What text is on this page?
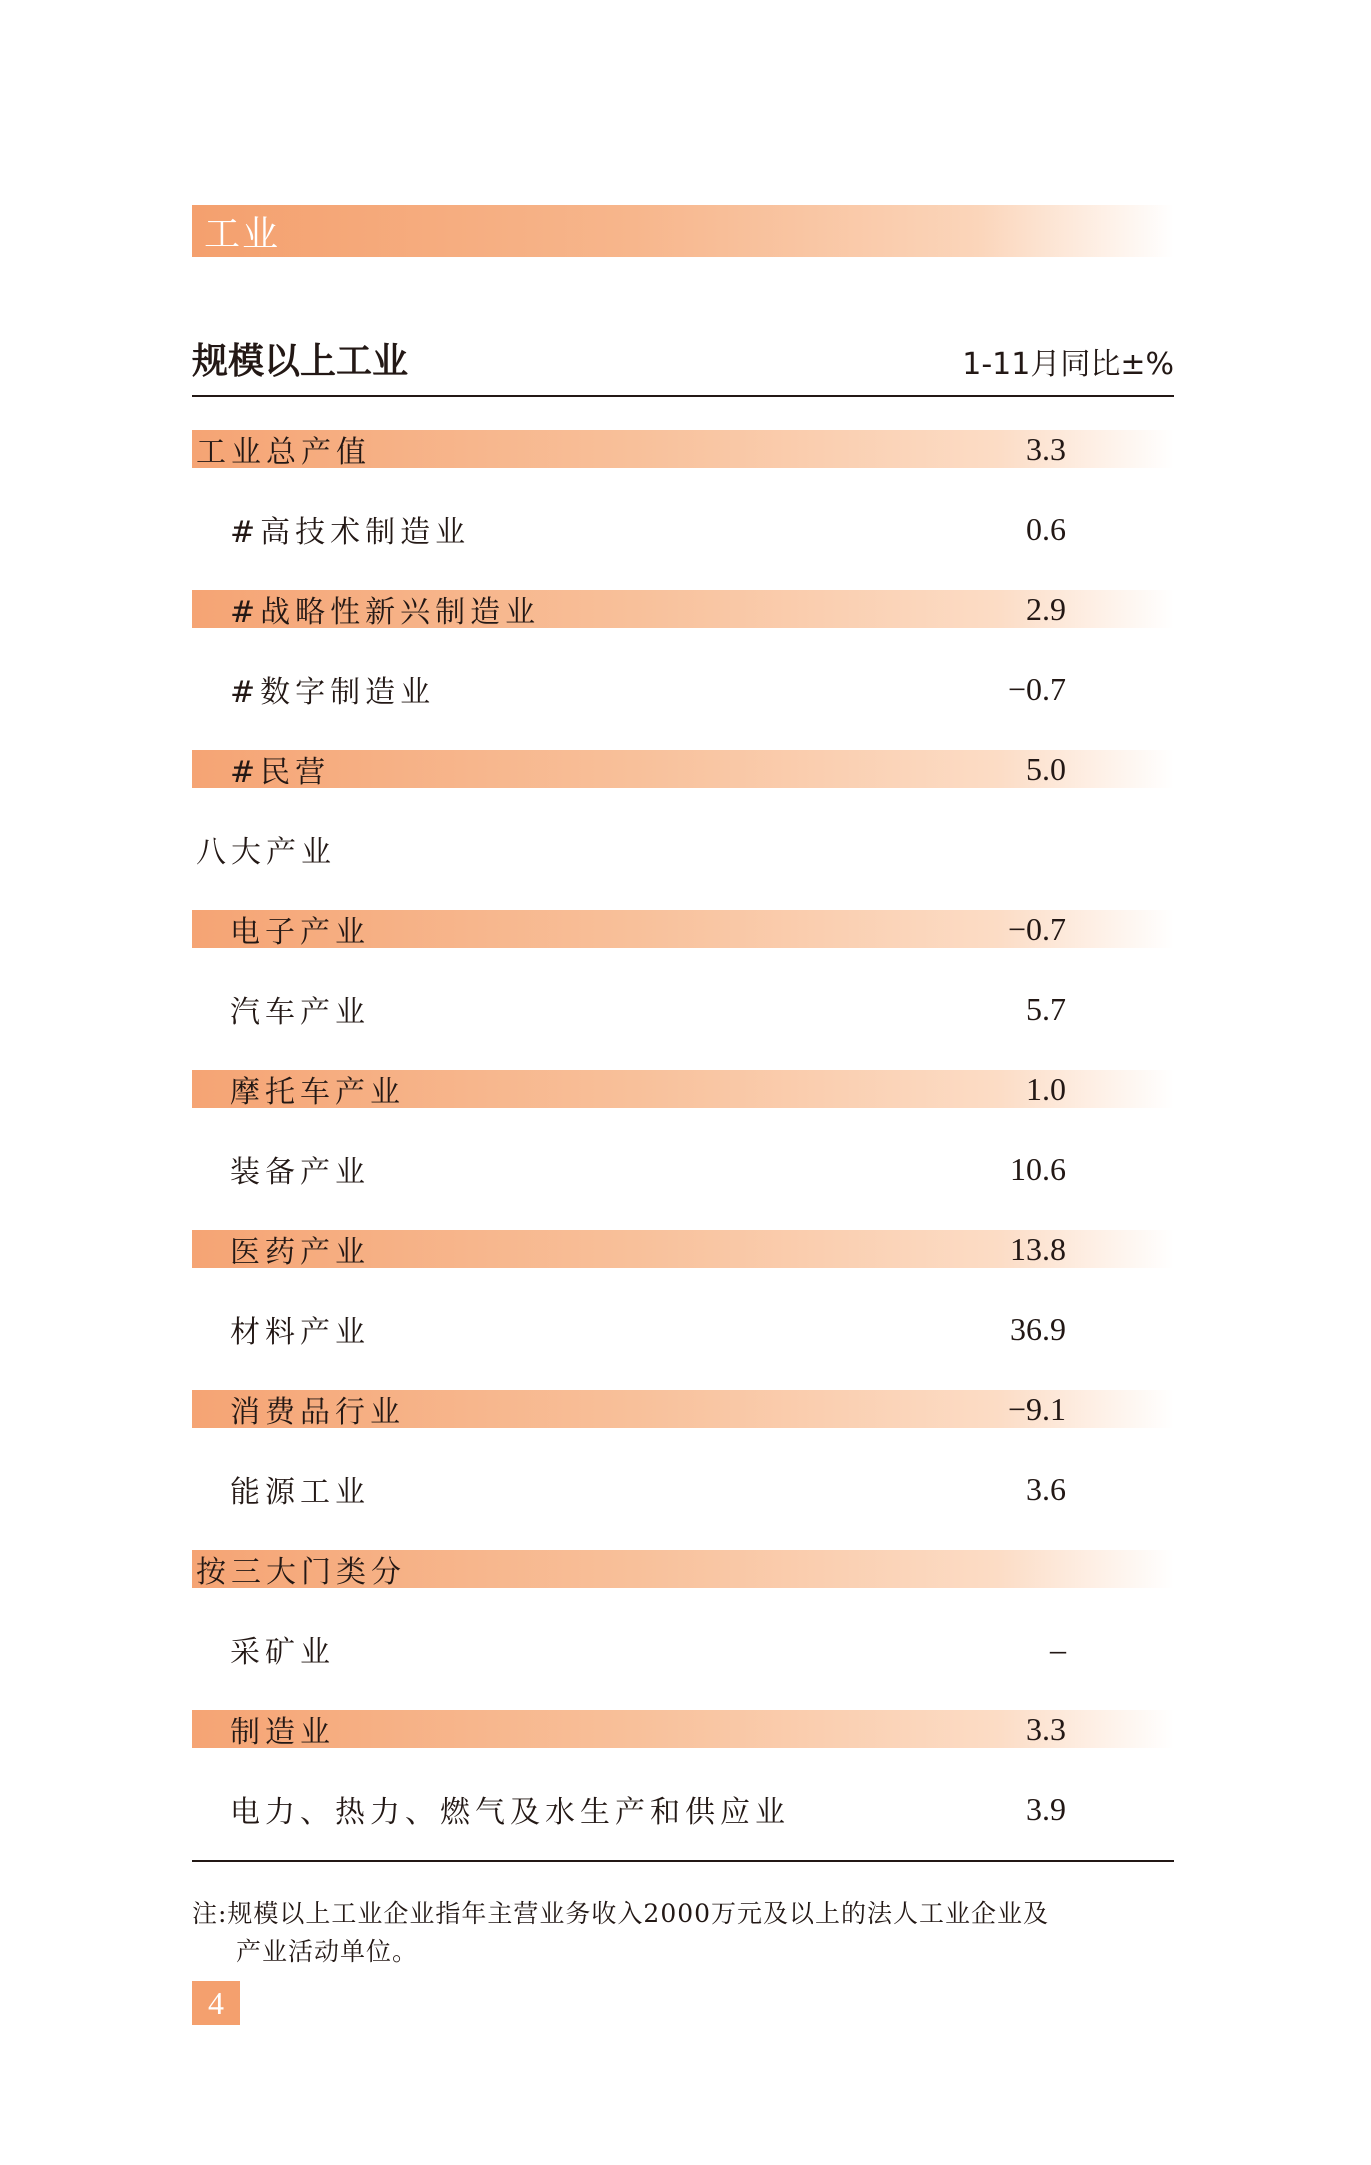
工业
规模以上工业	1-11月同比±%
工业总产值	3.3
#高技术制造业	0.6
#战略性新兴制造业	2.9
#数字制造业	−0.7
#民营	5.0
八大产业
电子产业	−0.7
汽车产业	5.7
摩托车产业	1.0
装备产业	10.6
医药产业	13.8
材料产业	36.9
消费品行业	−9.1
能源工业	3.6
按三大门类分
采矿业	–
制造业	3.3
电力、热力、燃气及水生产和供应业	3.9
注:规模以上工业企业指年主营业务收入2000万元及以上的法人工业企业及
产业活动单位。
4
